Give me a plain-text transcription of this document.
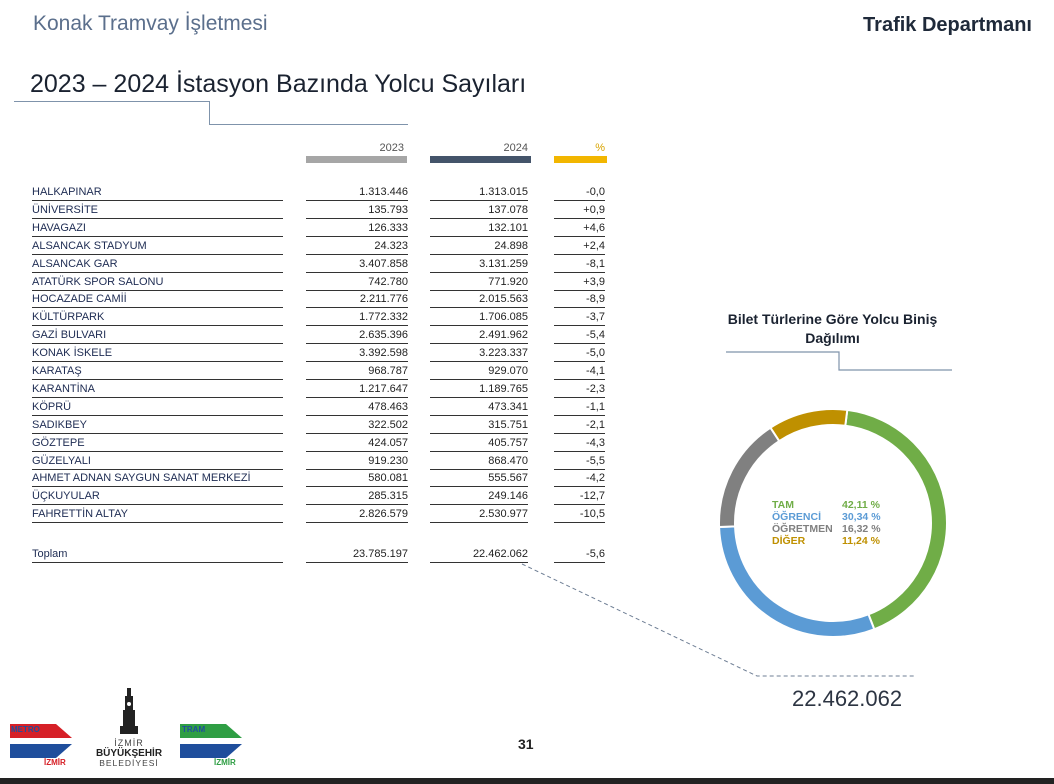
Konak Tramvay İşletmesi	Trafik Departmanı
2023 – 2024 İstasyon Bazında Yolcu Sayıları
2023	2024	%
HALKAPINAR	1.313.446	1.313.015	-0,0
ÜNİVERSİTE	135.793	137.078	+0,9
HAVAGAZI	126.333	132.101	+4,6
ALSANCAK STADYUM	24.323	24.898	+2,4
ALSANCAK GAR	3.407.858	3.131.259	-8,1
ATATÜRK SPOR SALONU	742.780	771.920	+3,9
HOCAZADE CAMİİ	2.211.776	2.015.563	-8,9
KÜLTÜRPARK	1.772.332	1.706.085	-3,7
GAZİ BULVARI	2.635.396	2.491.962	-5,4
KONAK İSKELE	3.392.598	3.223.337	-5,0
KARATAŞ	968.787	929.070	-4,1
KARANTİNA	1.217.647	1.189.765	-2,3
KÖPRÜ	478.463	473.341	-1,1
SADIKBEY	322.502	315.751	-2,1
GÖZTEPE	424.057	405.757	-4,3
GÜZELYALI	919.230	868.470	-5,5
AHMET ADNAN SAYGUN SANAT MERKEZİ	580.081	555.567	-4,2
ÜÇKUYULAR	285.315	249.146	-12,7
FAHRETTİN ALTAY	2.826.579	2.530.977	-10,5
Toplam	23.785.197	22.462.062	-5,6
22.462.062
Bilet Türlerine Göre Yolcu Biniş Dağılımı
TAM	42,11 %
ÖĞRENCİ 30,34 %
ÖĞRETMEN 16,32 %
DİĞER	11,24 %
METRO
İZMİR
İZMİR
BÜYÜKŞEHİR
BELEDİYESİ
TRAM
İZMİR
31
